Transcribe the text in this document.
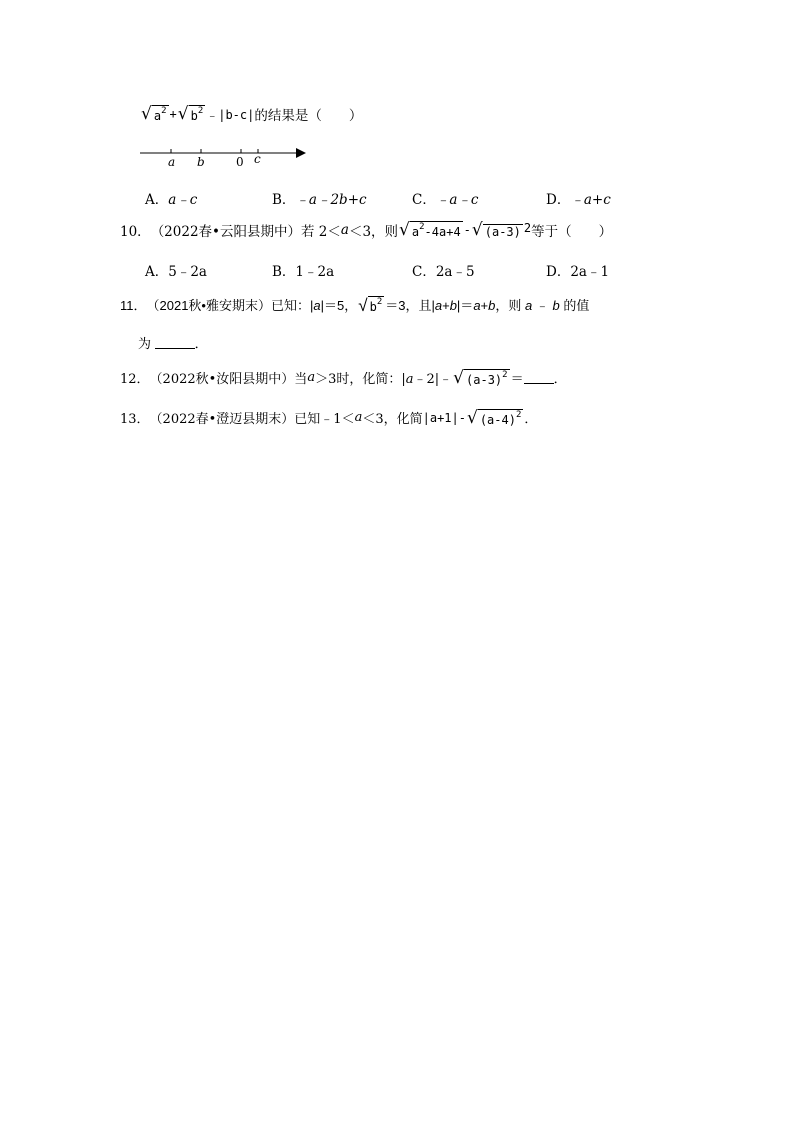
√ $a^2$ + √ $b^2$ ﹣|b-c| 的结果是（　　）
a b	0 c
A．a﹣c	B．﹣a﹣2b+c	C．﹣a﹣c	D．﹣a+c
10． （2022春•云阳县期中）若 2＜ a ＜3，则 √ $a^2-4a+4$ - √ (a-3) 2 等于（　　）
A．5﹣2a	B．1﹣2a	C．2a﹣5	D．2a﹣1
11． （2021秋•雅安期末）已知： |a|＝5 ， √ $b^2 =3$，且 |a+b|＝a+b ，则 a ﹣ b 的值
为
	．
12． （2022秋•汝阳县期中）当 a ＞3时，化简： |a﹣2|﹣ √ $(a-3)^2$ ＝ ．
13． （2022春•澄迈县期末）已知﹣1＜ a ＜3，化简 |a+1|- √ $(a-4)^2$ ．
